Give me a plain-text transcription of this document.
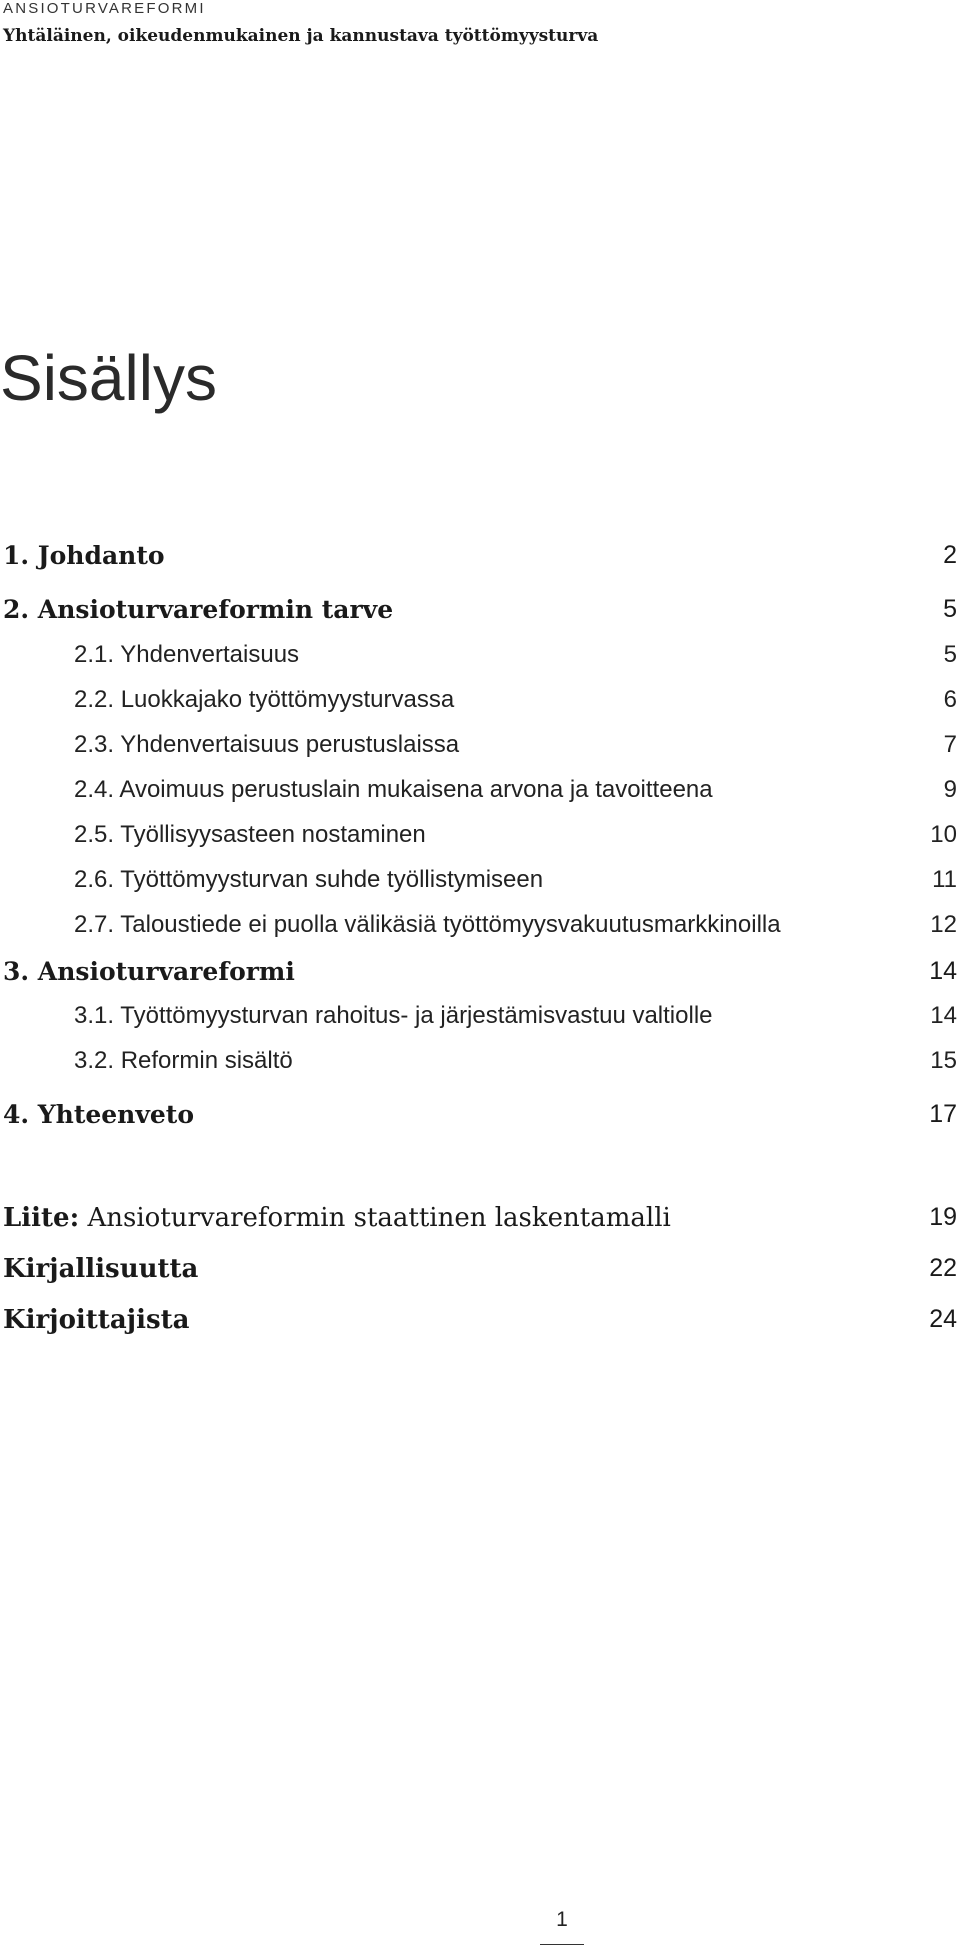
ANSIOTURVAREFORMI
Yhtäläinen, oikeudenmukainen ja kannustava työttömyysturva
Sisällys
1. Johdanto	2
2. Ansioturvareformin tarve	5
2.1. Yhdenvertaisuus	5
2.2. Luokkajako työttömyysturvassa	6
2.3. Yhdenvertaisuus perustuslaissa	7
2.4. Avoimuus perustuslain mukaisena arvona ja tavoitteena	9
2.5. Työllisyysasteen nostaminen	10
2.6. Työttömyysturvan suhde työllistymiseen	11
2.7. Taloustiede ei puolla välikäsiä työttömyysvakuutusmarkkinoilla	12
3. Ansioturvareformi	14
3.1. Työttömyysturvan rahoitus- ja järjestämisvastuu valtiolle	14
3.2. Reformin sisältö	15
4. Yhteenveto	17
Liite: Ansioturvareformin staattinen laskentamalli	19
Kirjallisuutta	22
Kirjoittajista	24
1
